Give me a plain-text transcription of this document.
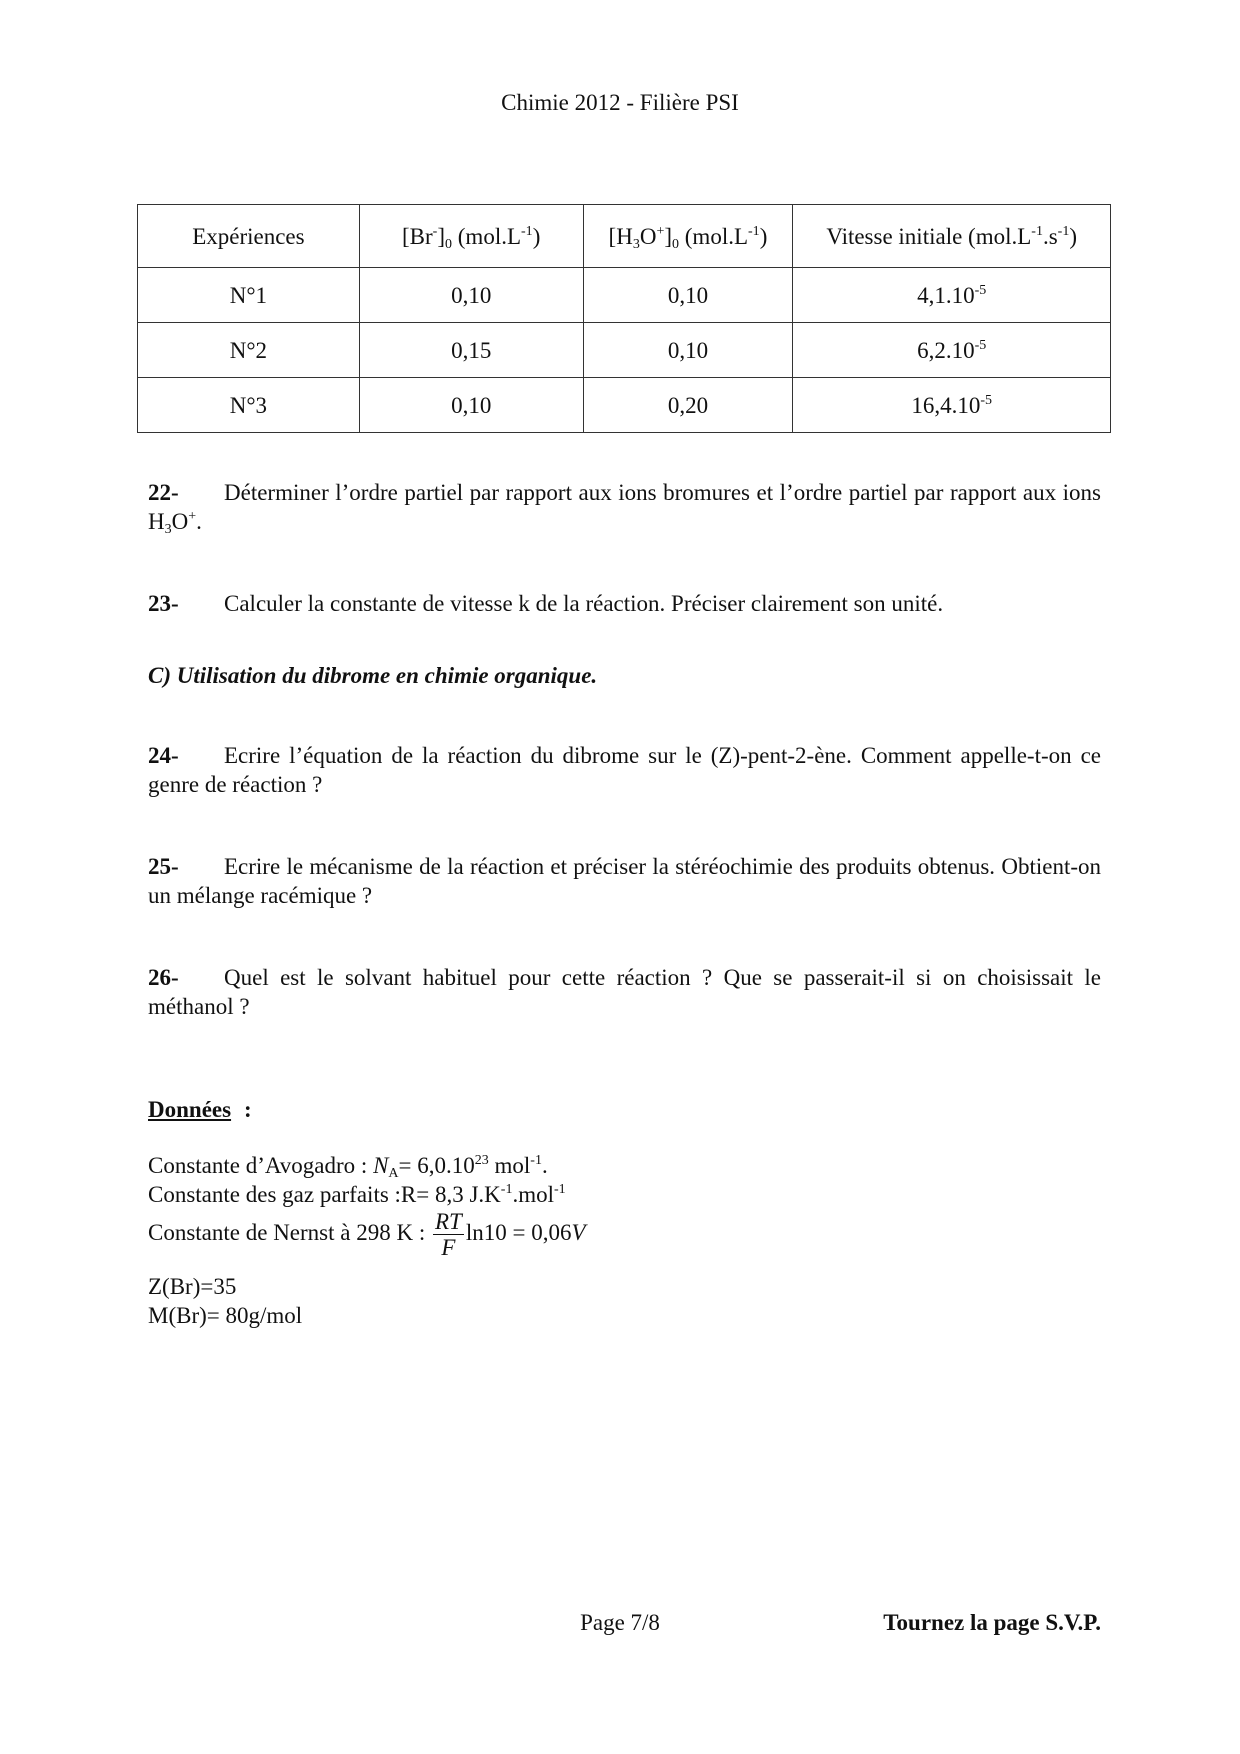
Chimie 2012 - Filière PSI
Expériences	$[Br^-]_0$ $(mol.L^{-1})$	$[H_3O^+]_0$ $(mol.L^{-1})$	Vitesse initiale $(mol.L^{-1}.s^{-1})$
N°1	0,10	0,10	$4,1.10^{-5}$
N°2	0,15	0,10	$6,2.10^{-5}$
N°3	0,10	0,20	$16,4.10^{-5}$
22- Déterminer l’ordre partiel par rapport aux ions bromures et l’ordre partiel par rapport aux ions $H_3O^+$.
23- Calculer la constante de vitesse k de la réaction. Préciser clairement son unité.
C) Utilisation du dibrome en chimie organique.
24- Ecrire l’équation de la réaction du dibrome sur le (Z)-pent-2-ène. Comment appelle-t-on ce genre de réaction ?
25- Ecrire le mécanisme de la réaction et préciser la stéréochimie des produits obtenus. Obtient-on un mélange racémique ?
26- Quel est le solvant habituel pour cette réaction ? Que se passerait-il si on choisissait le méthanol ?
Données :
Constante d’Avogadro : $N_A= 6,0.10^{23}$ mol$^{-1}$.
Constante des gaz parfaits :R= 8,3 $J.K^{-1}.mol^{-1}$
Constante de Nernst à 298 K : $\frac{RT}{F} \ln 10 = 0,06V$
Z(Br)=35
M(Br)= 80g/mol
Page 7/8	Tournez la page S.V.P.
